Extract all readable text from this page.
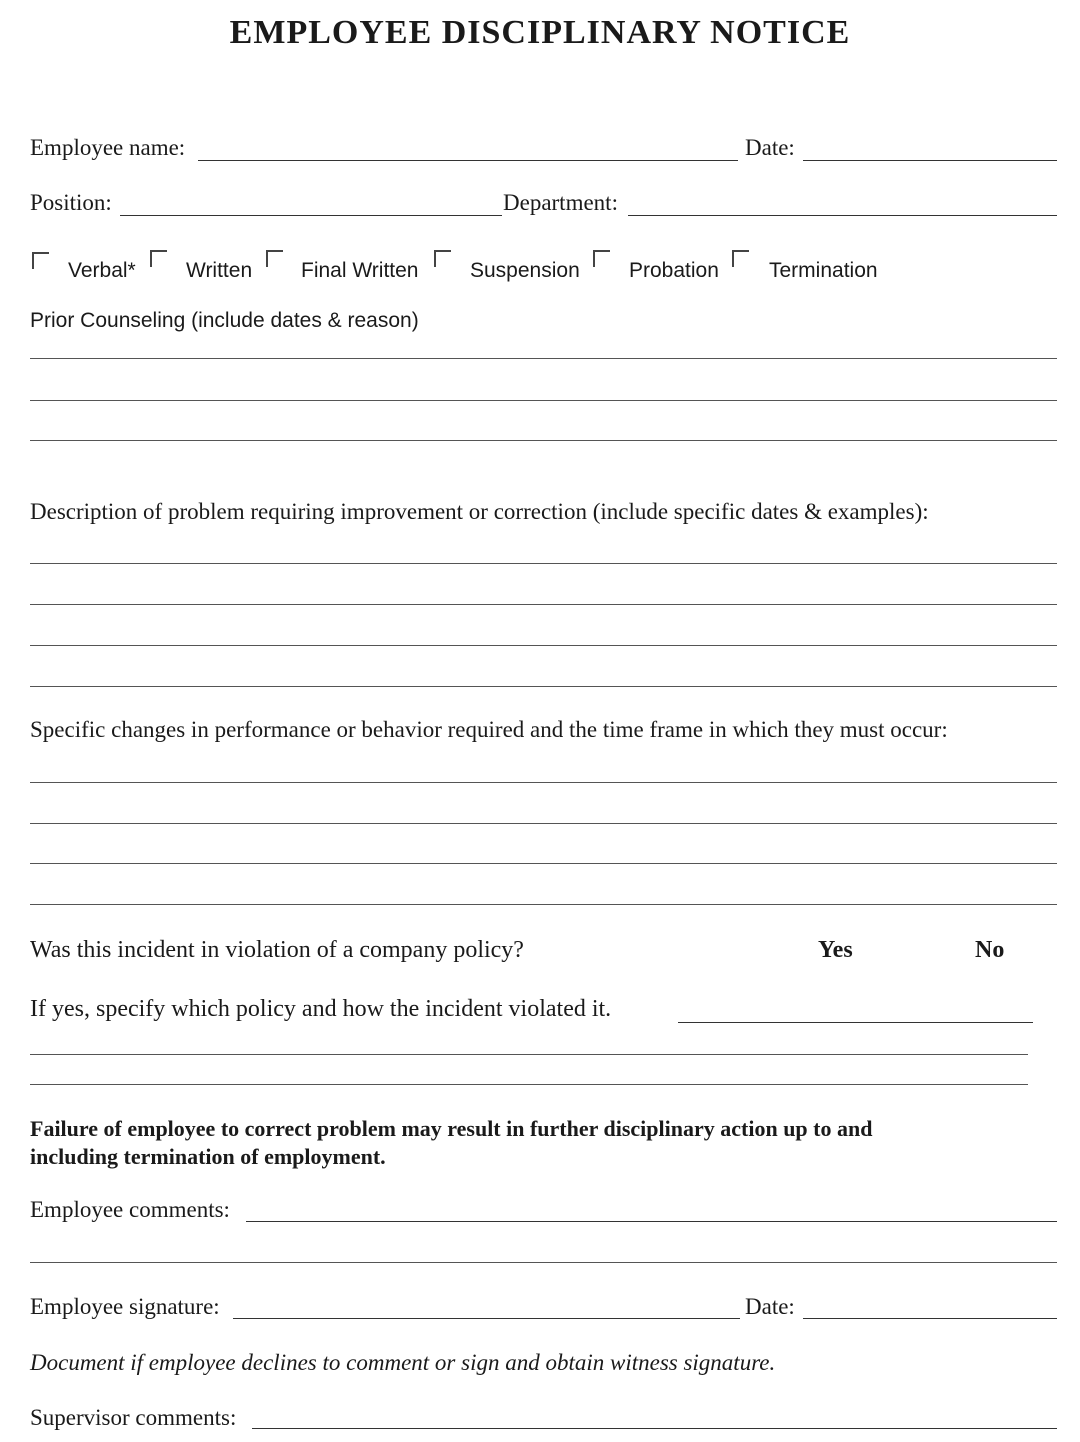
EMPLOYEE DISCIPLINARY NOTICE
Employee name:	Date:
Position:	Department:
Verbal* Written Final Written Suspension Probation Termination
Prior Counseling (include dates & reason)
Description of problem requiring improvement or correction (include specific dates & examples):
Specific changes in performance or behavior required and the time frame in which they must occur:
Was this incident in violation of a company policy?	Yes	No
If yes, specify which policy and how the incident violated it.
Failure of employee to correct problem may result in further disciplinary action up to and
including termination of employment.
Employee comments:
Employee signature:	Date:
Document if employee declines to comment or sign and obtain witness signature.
Supervisor comments:
